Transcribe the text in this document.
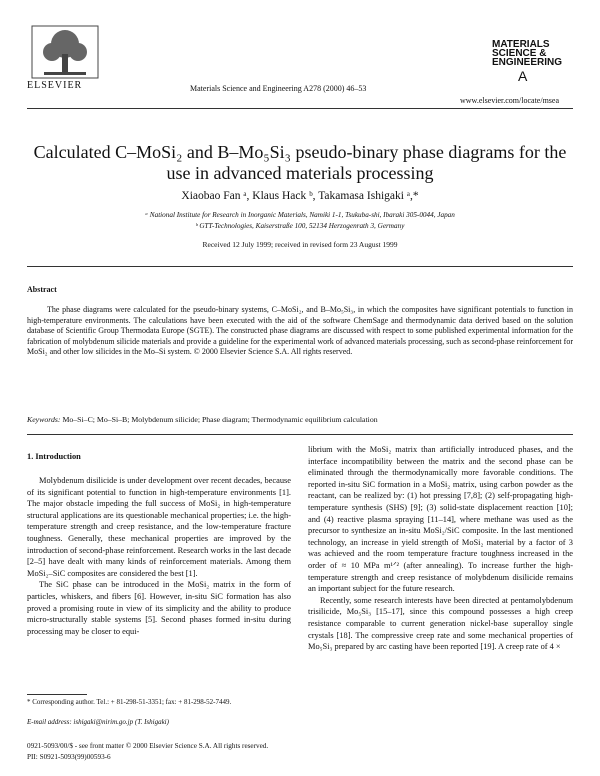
ELSEVIER	Materials Science and Engineering A278 (2000) 46–53
MATERIALS
SCIENCE &
ENGINEERING
A
www.elsevier.com/locate/msea
Calculated C–MoSi₂ and B–Mo₅Si₃ pseudo-binary phase diagrams for the use in advanced materials processing
Xiaobao Fan ᵃ, Klaus Hack ᵇ, Takamasa Ishigaki ᵃ,*
ᵃ National Institute for Research in Inorganic Materials, Namiki 1-1, Tsukuba-shi, Ibaraki 305-0044, Japan
ᵇ GTT-Technologies, Kaiserstraße 100, 52134 Herzogenrath 3, Germany
Received 12 July 1999; received in revised form 23 August 1999
Abstract
The phase diagrams were calculated for the pseudo-binary systems, C–MoSi₂, and B–Mo₅Si₃, in which the composites have significant potentials to function in high-temperature environments. The calculations have been executed with the aid of the software ChemSage and thermodynamic data derived based on the solution database of Scientific Group Thermodata Europe (SGTE). The constructed phase diagrams are discussed with respect to some published experimental information for the fabrication of molybdenum silicide materials and provide a guideline for the experimental work of advanced materials processing, such as second-phase reinforcement for MoSi₂ and other low silicides in the Mo–Si system. © 2000 Elsevier Science S.A. All rights reserved.
Keywords: Mo–Si–C; Mo–Si–B; Molybdenum silicide; Phase diagram; Thermodynamic equilibrium calculation
1. Introduction

Molybdenum disilicide is under development over recent decades, because of its significant potential to function in high-temperature environments [1]. The major obstacle impeding the full success of MoSi₂ in high-temperature structural applications are its questionable mechanical properties; i.e. the high-temperature strength and creep resistance, and the low-temperature fracture toughness. Generally, these mechanical properties are improved by the introduction of second-phase reinforcement. Research works in the last decade [2–5] have dealt with many kinds of reinforcement materials. Among them MoSi₂–SiC composites are considered the best [1].

The SiC phase can be introduced in the MoSi₂ matrix in the form of particles, whiskers, and fibers [6]. However, in-situ SiC formation has also proved a promising route in view of its simplicity and the ability to produce micro-structurally stable systems [5]. Second phases formed in-situ during processing may be closer to equi-

librium with the MoSi₂ matrix than artificially introduced phases, and the interface incompatibility between the matrix and the second phase can be eliminated through the thermodynamically more favorable conditions. The reported in-situ SiC formation in a MoSi₂ matrix, using carbon powder as the reactant, can be realized by: (1) hot pressing [7,8]; (2) self-propagating high-temperature synthesis (SHS) [9]; (3) solid-state displacement reaction [10]; and (4) reactive plasma spraying [11–14], where methane was used as the precursor to synthesize an in-situ MoSi₂/SiC composite. In the last mentioned technology, an increase in yield strength of MoSi₂ material by a factor of 3 was achieved and the room temperature fracture toughness increased in the order of ≈ 10 MPa m¹ᐟ² (after annealing). To increase further the high-temperature strength and creep resistance of molybdenum disilicide remains an important subject for the future research.

Recently, some research interests have been directed at pentamolybdenum trisilicide, Mo₅Si₃ [15–17], since this compound possesses a high creep resistance comparable to current generation nickel-base superalloy single crystals [18]. The compressive creep rate and some mechanical properties of Mo₅Si₃ prepared by arc casting have been reported [19]. A creep rate of 4 ×

* Corresponding author. Tel.: + 81-298-51-3351; fax: + 81-298-52-7449.
E-mail address: ishigaki@nirim.go.jp (T. Ishigaki)
0921-5093/00/$ - see front matter © 2000 Elsevier Science S.A. All rights reserved.
PII: S0921-5093(99)00593-6
